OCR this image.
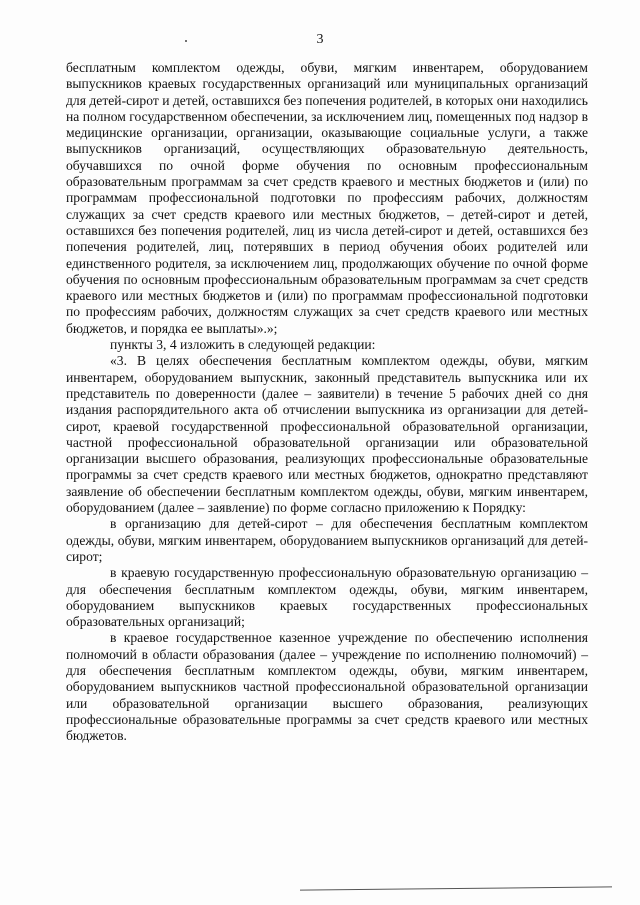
3

бесплатным комплектом одежды, обуви, мягким инвентарем, оборудованием выпускников краевых государственных организаций или муниципальных организаций для детей-сирот и детей, оставшихся без попечения родителей, в которых они находились на полном государственном обеспечении, за исключением лиц, помещенных под надзор в медицинские организации, организации, оказывающие социальные услуги, а также выпускников организаций, осуществляющих образовательную деятельность, обучавшихся по очной форме обучения по основным профессиональным образовательным программам за счет средств краевого и местных бюджетов и (или) по программам профессиональной подготовки по профессиям рабочих, должностям служащих за счет средств краевого или местных бюджетов, – детей-сирот и детей, оставшихся без попечения родителей, лиц из числа детей-сирот и детей, оставшихся без попечения родителей, лиц, потерявших в период обучения обоих родителей или единственного родителя, за исключением лиц, продолжающих обучение по очной форме обучения по основным профессиональным образовательным программам за счет средств краевого или местных бюджетов и (или) по программам профессиональной подготовки по профессиям рабочих, должностям служащих за счет средств краевого или местных бюджетов, и порядка ее выплаты».»;

пункты 3, 4 изложить в следующей редакции:

«3. В целях обеспечения бесплатным комплектом одежды, обуви, мягким инвентарем, оборудованием выпускник, законный представитель выпускника или их представитель по доверенности (далее – заявители) в течение 5 рабочих дней со дня издания распорядительного акта об отчислении выпускника из организации для детей-сирот, краевой государственной профессиональной образовательной организации, частной профессиональной образовательной организации или образовательной организации высшего образования, реализующих профессиональные образовательные программы за счет средств краевого или местных бюджетов, однократно представляют заявление об обеспечении бесплатным комплектом одежды, обуви, мягким инвентарем, оборудованием (далее – заявление) по форме согласно приложению к Порядку:

в организацию для детей-сирот – для обеспечения бесплатным комплектом одежды, обуви, мягким инвентарем, оборудованием выпускников организаций для детей-сирот;

в краевую государственную профессиональную образовательную организацию – для обеспечения бесплатным комплектом одежды, обуви, мягким инвентарем, оборудованием выпускников краевых государственных профессиональных образовательных организаций;

в краевое государственное казенное учреждение по обеспечению исполнения полномочий в области образования (далее – учреждение по исполнению полномочий) – для обеспечения бесплатным комплектом одежды, обуви, мягким инвентарем, оборудованием выпускников частной профессиональной образовательной организации или образовательной организации высшего образования, реализующих профессиональные образовательные программы за счет средств краевого или местных бюджетов.
